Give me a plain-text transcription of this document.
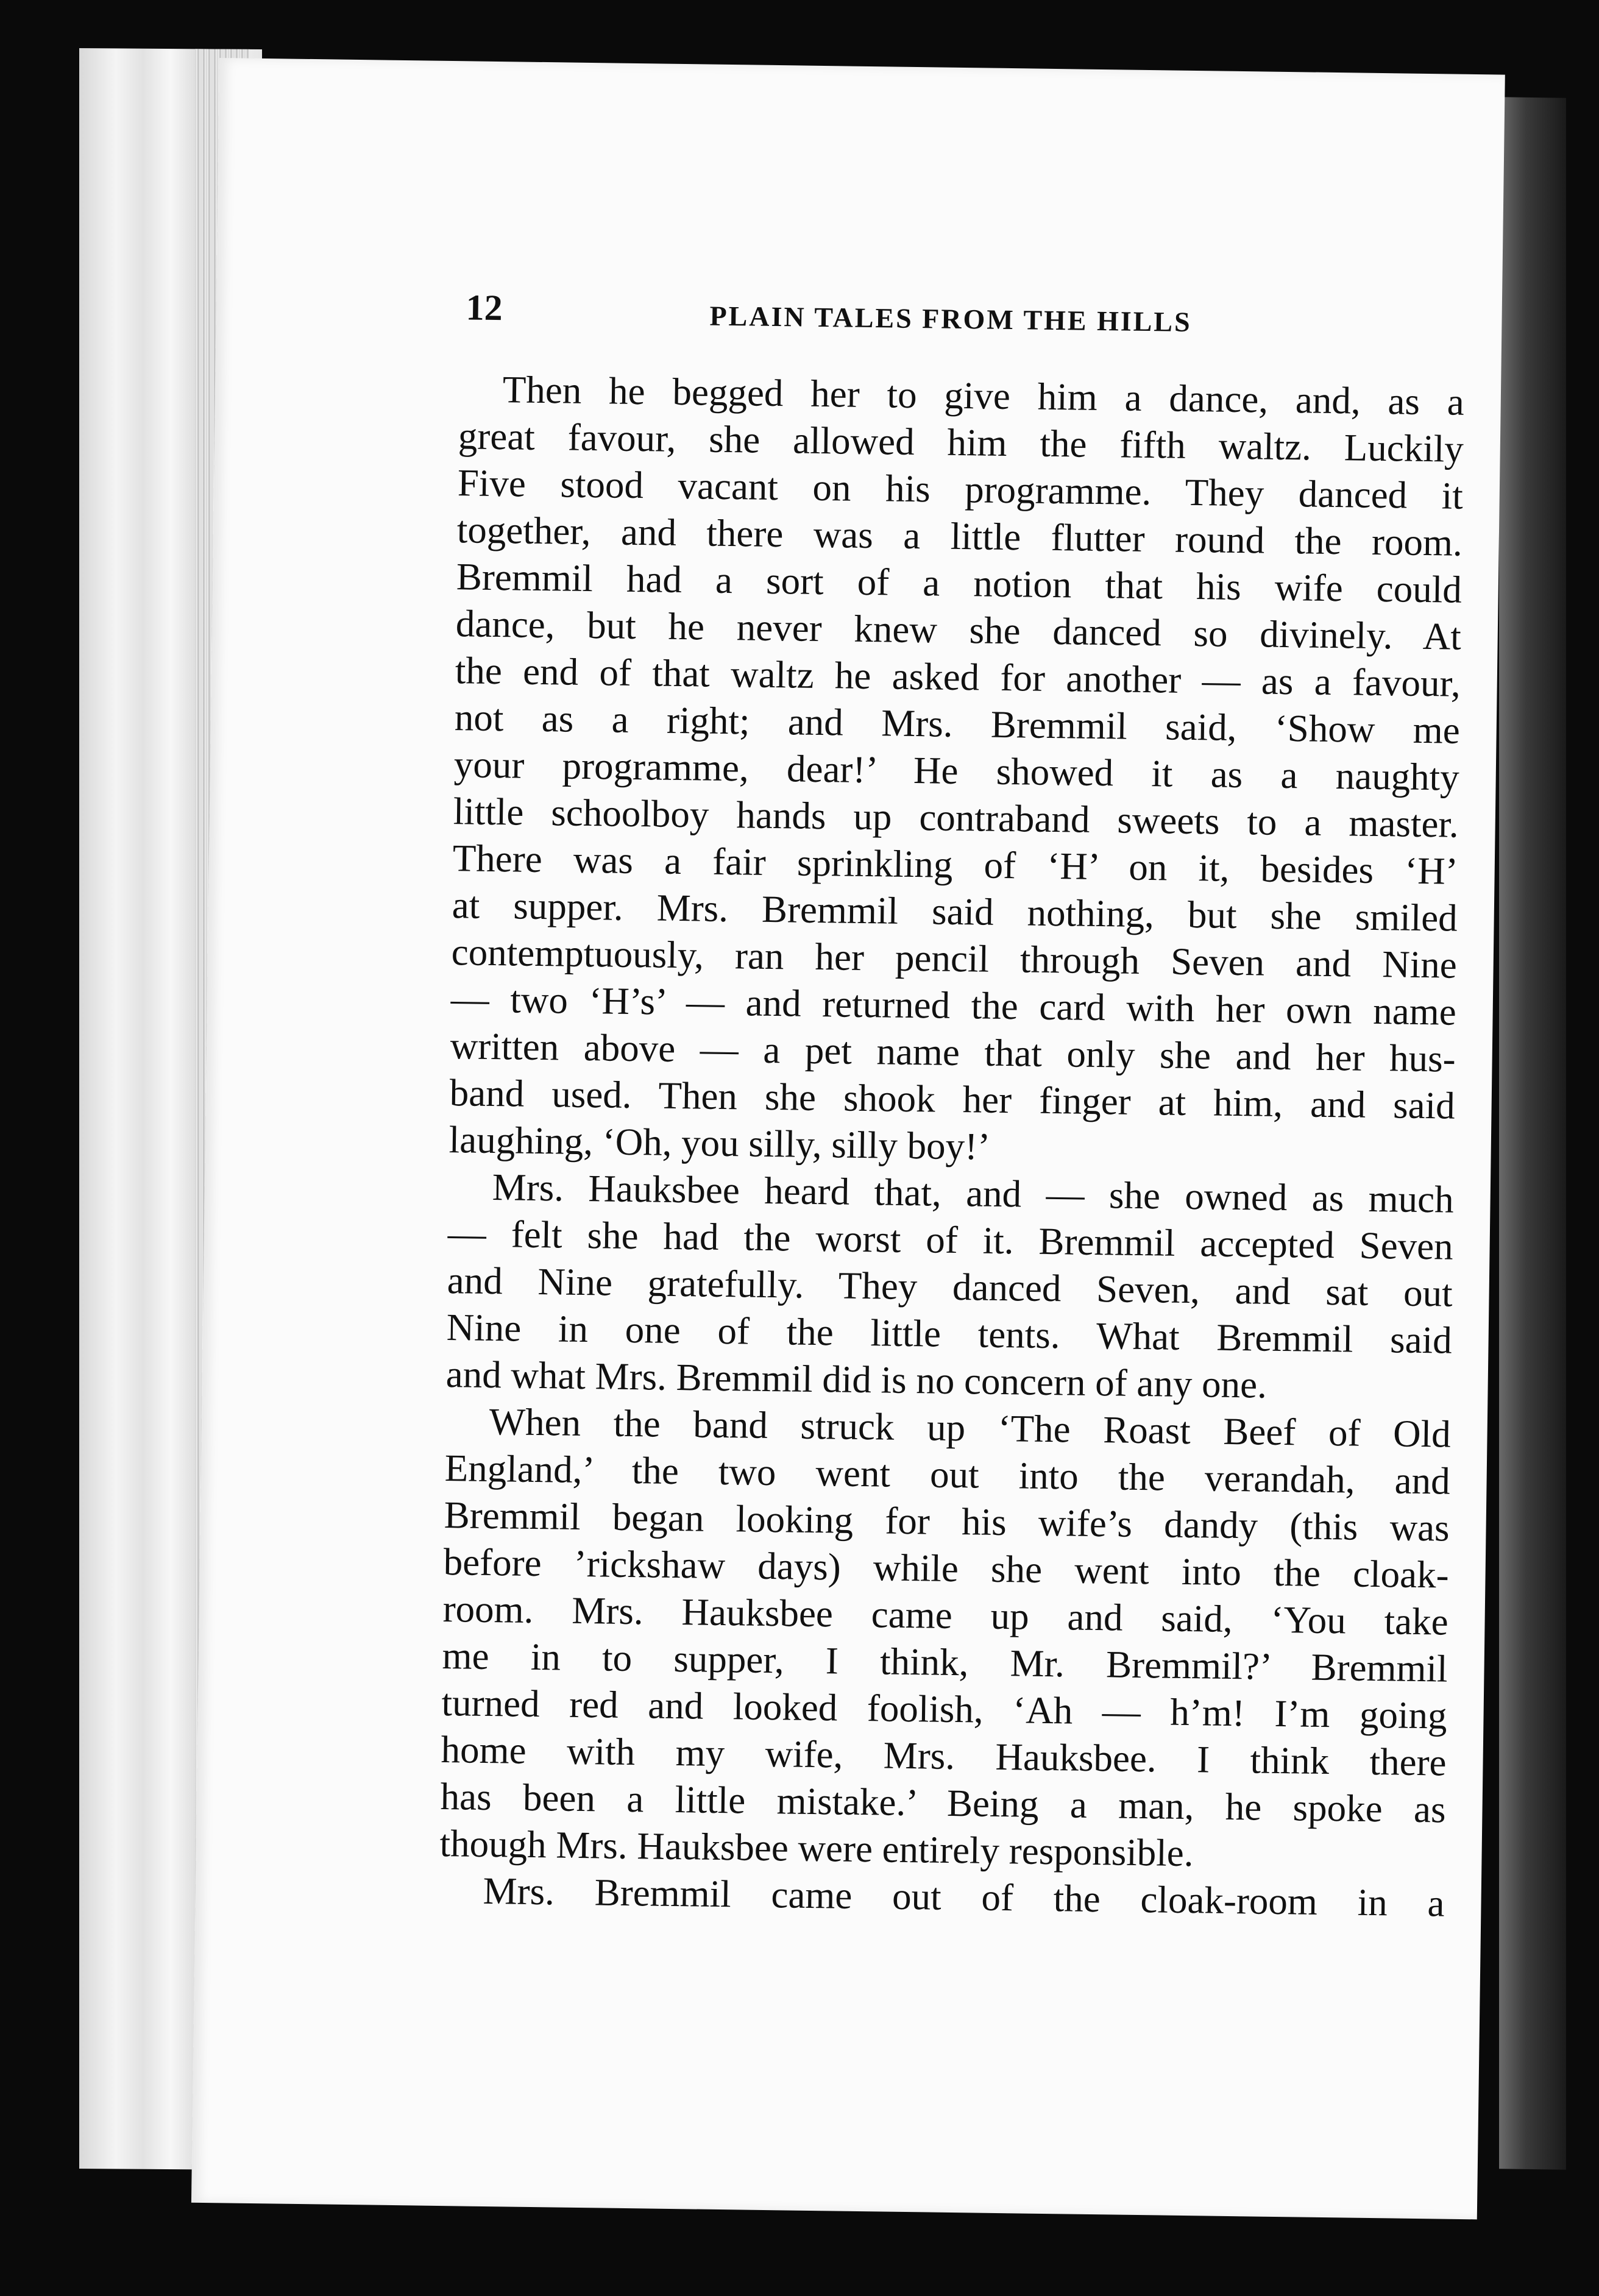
12	PLAIN TALES FROM THE HILLS
Then he begged her to give him a dance, and, as a
great favour, she allowed him the fifth waltz. Luckily
Five stood vacant on his programme. They danced it
together, and there was a little flutter round the room.
Bremmil had a sort of a notion that his wife could
dance, but he never knew she danced so divinely. At
the end of that waltz he asked for another — as a favour,
not as a right; and Mrs. Bremmil said, ‘Show me
your programme, dear!’ He showed it as a naughty
little schoolboy hands up contraband sweets to a master.
There was a fair sprinkling of ‘H’ on it, besides ‘H’
at supper. Mrs. Bremmil said nothing, but she smiled
contemptuously, ran her pencil through Seven and Nine
— two ‘H’s’ — and returned the card with her own name
written above — a pet name that only she and her hus-
band used. Then she shook her finger at him, and said
laughing, ‘Oh, you silly, silly boy!’
Mrs. Hauksbee heard that, and — she owned as much
— felt she had the worst of it. Bremmil accepted Seven
and Nine gratefully. They danced Seven, and sat out
Nine in one of the little tents. What Bremmil said
and what Mrs. Bremmil did is no concern of any one.
When the band struck up ‘The Roast Beef of Old
England,’ the two went out into the verandah, and
Bremmil began looking for his wife’s dandy (this was
before ’rickshaw days) while she went into the cloak-
room. Mrs. Hauksbee came up and said, ‘You take
me in to supper, I think, Mr. Bremmil?’ Bremmil
turned red and looked foolish, ‘Ah — h’m! I’m going
home with my wife, Mrs. Hauksbee. I think there
has been a little mistake.’ Being a man, he spoke as
though Mrs. Hauksbee were entirely responsible.
Mrs. Bremmil came out of the cloak-room in a
